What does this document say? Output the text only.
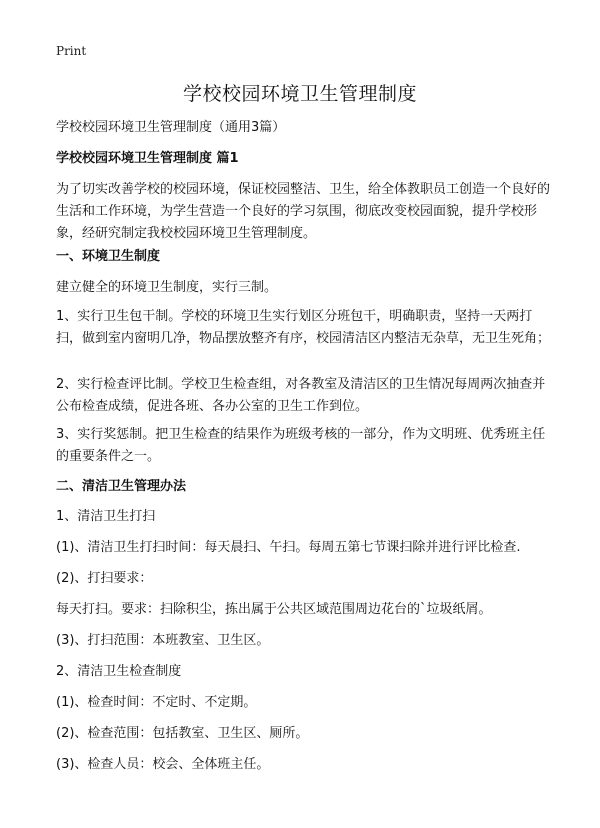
Print
学校校园环境卫生管理制度

学校校园环境卫生管理制度（通用3篇）

学校校园环境卫生管理制度 篇1

为了切实改善学校的校园环境，保证校园整洁、卫生，给全体教职员工创造一个良好的生活和工作环境，为学生营造一个良好的学习氛围，彻底改变校园面貌，提升学校形象，经研究制定我校校园环境卫生管理制度。

一、环境卫生制度

建立健全的环境卫生制度，实行三制。

1、实行卫生包干制。学校的环境卫生实行划区分班包干，明确职责，坚持一天两打扫，做到室内窗明几净，物品摆放整齐有序，校园清洁区内整洁无杂草，无卫生死角；

2、实行检查评比制。学校卫生检查组，对各教室及清洁区的卫生情况每周两次抽查并公布检查成绩，促进各班、各办公室的卫生工作到位。

3、实行奖惩制。把卫生检查的结果作为班级考核的一部分，作为文明班、优秀班主任的重要条件之一。

二、清洁卫生管理办法

1、清洁卫生打扫

(1)、清洁卫生打扫时间：每天晨扫、午扫。每周五第七节课扫除并进行评比检查.

(2)、打扫要求：

每天打扫。要求：扫除积尘，拣出属于公共区域范围周边花台的`垃圾纸屑。

(3)、打扫范围：本班教室、卫生区。

2、清洁卫生检查制度

(1)、检查时间：不定时、不定期。

(2)、检查范围：包括教室、卫生区、厕所。

(3)、检查人员：校会、全体班主任。
